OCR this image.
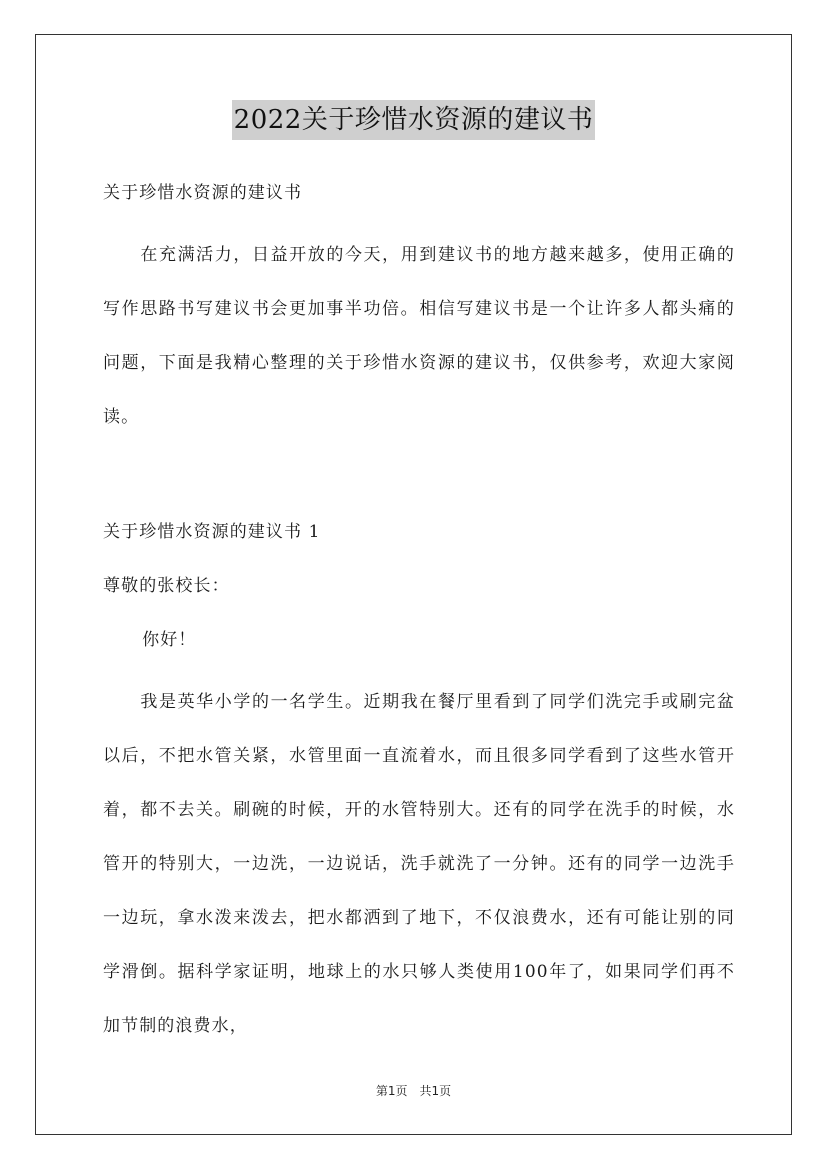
2022关于珍惜水资源的建议书
关于珍惜水资源的建议书

在充满活力，日益开放的今天，用到建议书的地方越来越多，使用正确的写作思路书写建议书会更加事半功倍。相信写建议书是一个让许多人都头痛的问题，下面是我精心整理的关于珍惜水资源的建议书，仅供参考，欢迎大家阅读。

关于珍惜水资源的建议书 1
尊敬的张校长：
你好！

我是英华小学的一名学生。近期我在餐厅里看到了同学们洗完手或刷完盆以后，不把水管关紧，水管里面一直流着水，而且很多同学看到了这些水管开着，都不去关。刷碗的时候，开的水管特别大。还有的同学在洗手的时候，水管开的特别大，一边洗，一边说话，洗手就洗了一分钟。还有的同学一边洗手一边玩，拿水泼来泼去，把水都洒到了地下，不仅浪费水，还有可能让别的同学滑倒。据科学家证明，地球上的水只够人类使用100年了，如果同学们再不加节制的浪费水，

第1页　共1页
